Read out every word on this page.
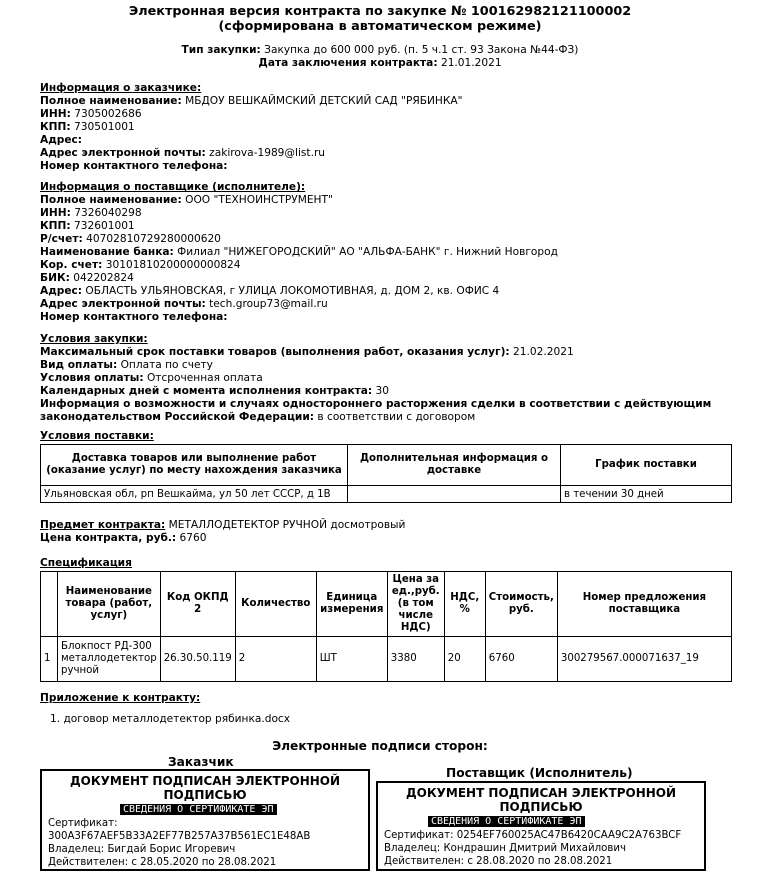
Электронная версия контракта по закупке № 100162982121100002
(сформирована в автоматическом режиме)
Тип закупки: Закупка до 600 000 руб. (п. 5 ч.1 ст. 93 Закона №44-ФЗ)
Дата заключения контракта: 21.01.2021
Информация о заказчике:
Полное наименование: МБДОУ ВЕШКАЙМСКИЙ ДЕТСКИЙ САД "РЯБИНКА"
ИНН: 7305002686
КПП: 730501001
Адрес:
Адрес электронной почты: zakirova-1989@list.ru
Номер контактного телефона:
Информация о поставщике (исполнителе):
Полное наименование: ООО "ТЕХНОИНСТРУМЕНТ"
ИНН: 7326040298
КПП: 732601001
Р/счет: 40702810729280000620
Наименование банка: Филиал "НИЖЕГОРОДСКИЙ" АО "АЛЬФА-БАНК" г. Нижний Новгород
Кор. счет: 30101810200000000824
БИК: 042202824
Адрес: ОБЛАСТЬ УЛЬЯНОВСКАЯ, г УЛИЦА ЛОКОМОТИВНАЯ, д. ДОМ 2, кв. ОФИС 4
Адрес электронной почты: tech.group73@mail.ru
Номер контактного телефона:
Условия закупки:
Максимальный срок поставки товаров (выполнения работ, оказания услуг): 21.02.2021
Вид оплаты: Оплата по счету
Условия оплаты: Отсроченная оплата
Календарных дней с момента исполнения контракта: 30
Информация о возможности и случаях одностороннего расторжения сделки в соответствии с действующим
законодательством Российской Федерации: в соответствии с договором
Условия поставки:
Доставка товаров или выполнение работ (оказание услуг) по месту нахождения заказчика	Дополнительная информация о доставке	График поставки
Ульяновская обл, рп Вешкайма, ул 50 лет СССР, д 1В		в течении 30 дней
Предмет контракта: МЕТАЛЛОДЕТЕКТОР РУЧНОЙ досмотровый
Цена контракта, руб.: 6760
Спецификация
	Наименование товара (работ, услуг)	Код ОКПД 2	Количество	Единица измерения	Цена за ед.,руб. (в том числе НДС)	НДС, %	Стоимость, руб.	Номер предложения поставщика
1	Блокпост РД-300 металлодетектор ручной	26.30.50.119	2	ШТ	3380	20	6760	300279567.000071637_19
Приложение к контракту:
1. договор металлодетектор рябинка.docx
Электронные подписи сторон:
Заказчик
ДОКУМЕНТ ПОДПИСАН ЭЛЕКТРОННОЙ
ПОДПИСЬЮ
СВЕДЕНИЯ О СЕРТИФИКАТЕ ЭП
Сертификат:
300A3F67AEF5B33A2EF77B257A37B561EC1E48AB
Владелец: Бигдай Борис Игоревич
Действителен: с 28.05.2020 по 28.08.2021
Поставщик (Исполнитель)
ДОКУМЕНТ ПОДПИСАН ЭЛЕКТРОННОЙ
ПОДПИСЬЮ
СВЕДЕНИЯ О СЕРТИФИКАТЕ ЭП
Сертификат: 0254EF760025AC47B6420CAA9C2A763BCF
Владелец: Кондрашин Дмитрий Михайлович
Действителен: с 28.08.2020 по 28.08.2021
